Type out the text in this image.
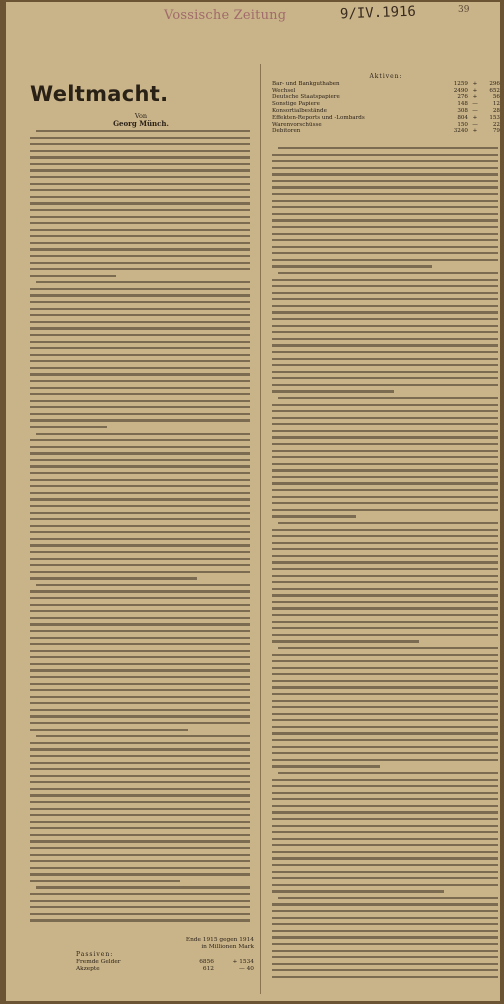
Vossische Zeitung	9/IV.1916	39
Weltmacht.
Von
Georg Münch.
Aktiven:
Bar- und Bankguthaben	1259 +	296
Wechsel	2490 +	652
Deutsche Staatspapiere	276 +	56
Sonstige Papiere	148 —	12
Konsortialbestände	308 —	28
Effekten-Reports und -Lombards	804 +	153
Warenvorschüsse	150 —	22
Debitoren	3240 +	79
Ende 1915 gegen 1914
in Millionen Mark
Passiven:
Fremde Gelder	6856	+ 1534
Akzepte	612	— 40
